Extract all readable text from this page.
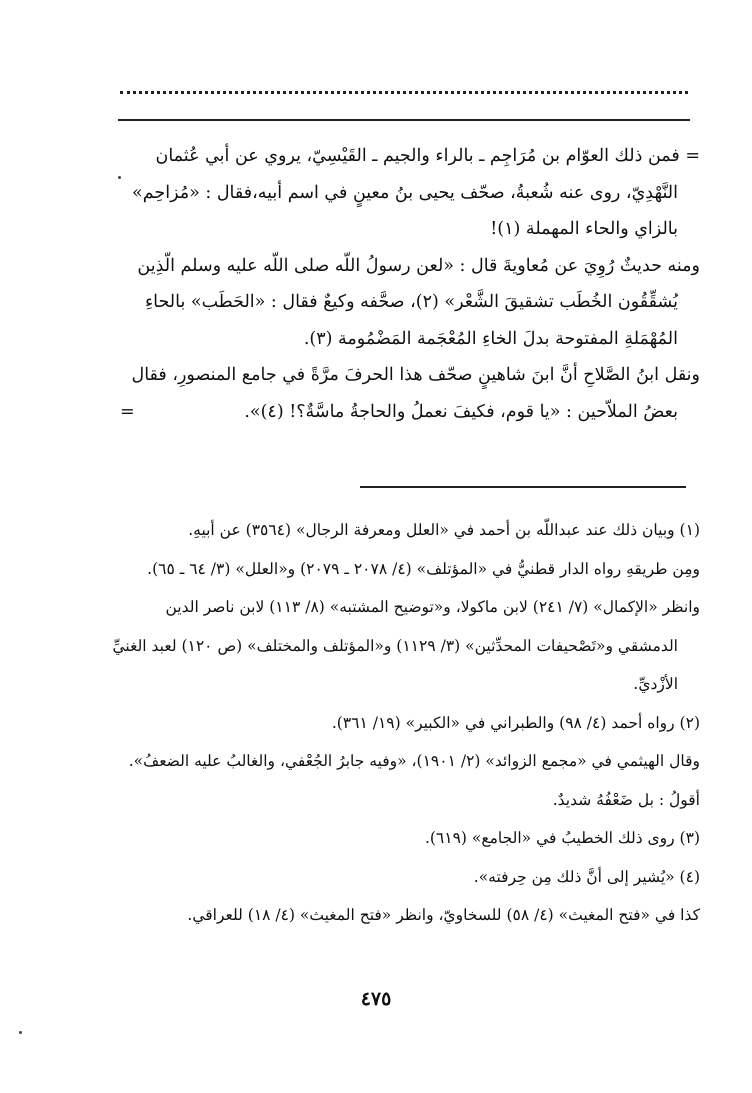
= فمن ذلك العوّام بن مُرَاجِم ـ بالراء والجيم ـ القَيْسِيّ، يروي عن أبي عُثمان

النَّهْدِيّ، روى عنه شُعبةُ، صحّف يحيى بنُ معينٍ في اسم أبيه،فقال : «مُزاحِم»

بالزاي والحاء المهملة (١)!

ومنه حديثٌ رُوِيَ عن مُعاويةَ قال : «لعن رسولُ اللّه صلى اللّه عليه وسلم الّذِين

يُشقِّقُون الخُطَب تشقيقَ الشَّعْر» (٢)، صحَّفه وكيعٌ فقال : «الحَطَب» بالحاءِ

المُهْمَلةِ المفتوحة بدلَ الخاءِ المُعْجَمة المَضْمُومة (٣).

ونقل ابنُ الصَّلاحِ أنَّ ابنَ شاهينٍ صحّف هذا الحرفَ مرَّةً في جامع المنصورِ، فقال

بعضُ الملاّحين : «يا قوم، فكيفَ نعملُ والحاجةُ ماسَّةٌ؟! (٤)».
=

(١) وبيان ذلك عند عبداللّه بن أحمد في «العلل ومعرفة الرجال» (٣٥٦٤) عن أبيهِ.

ومِن طريقهِ رواه الدار قطنيُّ في «المؤتلف» (٤/ ٢٠٧٨ ـ ٢٠٧٩) و«العلل» (٣/ ٦٤ ـ ٦٥).

وانظر «الإكمال» (٧/ ٢٤١) لابن ماكولا، و«توضيح المشتبه» (٨/ ١١٣) لابن ناصر الدين

الدمشقي و«تَصْحيفات المحدِّثين» (٣/ ١١٢٩) و«المؤتلف والمختلف» (ص ١٢٠) لعبد الغنيِّ

الأزْديِّ.

(٢) رواه أحمد (٤/ ٩٨) والطبراني في «الكبير» (١٩/ ٣٦١).

وقال الهيثمي في «مجمع الزوائد» (٢/ ١٩٠١)، «وفيه جابرُ الجُعْفي، والغالبُ عليه الضعفُ».

أقولُ : بل ضَعْفُهُ شديدٌ.

(٣) روى ذلك الخطيبُ في «الجامع» (٦١٩).

(٤) «يُشير إلى أنَّ ذلك مِن حِرفته».

كذا في «فتح المغيث» (٤/ ٥٨) للسخاويّ، وانظر «فتح المغيث» (٤/ ١٨) للعراقي.

٤٧٥
